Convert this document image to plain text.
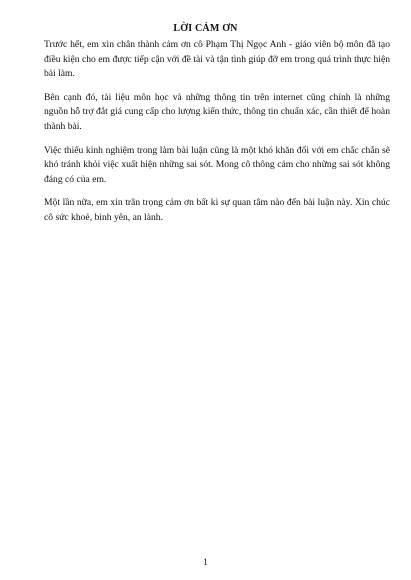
LỜI CẢM ƠN

Trước hết, em xin chân thành cảm ơn cô Phạm Thị Ngọc Anh - giáo viên bộ môn đã tạo điều kiện cho em được tiếp cận với đề tài và tận tình giúp đỡ em trong quá trình thực hiện bài làm.

Bên cạnh đó, tài liệu môn học và những thông tin trên internet cũng chính là những nguồn hỗ trợ đắt giá cung cấp cho lượng kiến thức, thông tin chuẩn xác, cần thiết để hoàn thành bài.

Việc thiếu kinh nghiệm trong làm bài luận cũng là một khó khăn đối với em chắc chắn sẽ khó tránh khỏi việc xuất hiện những sai sót. Mong cô thông cảm cho những sai sót không đáng có của em.

Một lần nữa, em xin trân trọng cảm ơn bất kì sự quan tâm nào đến bài luận này. Xin chúc cô sức khoẻ, bình yên, an lành.

1
